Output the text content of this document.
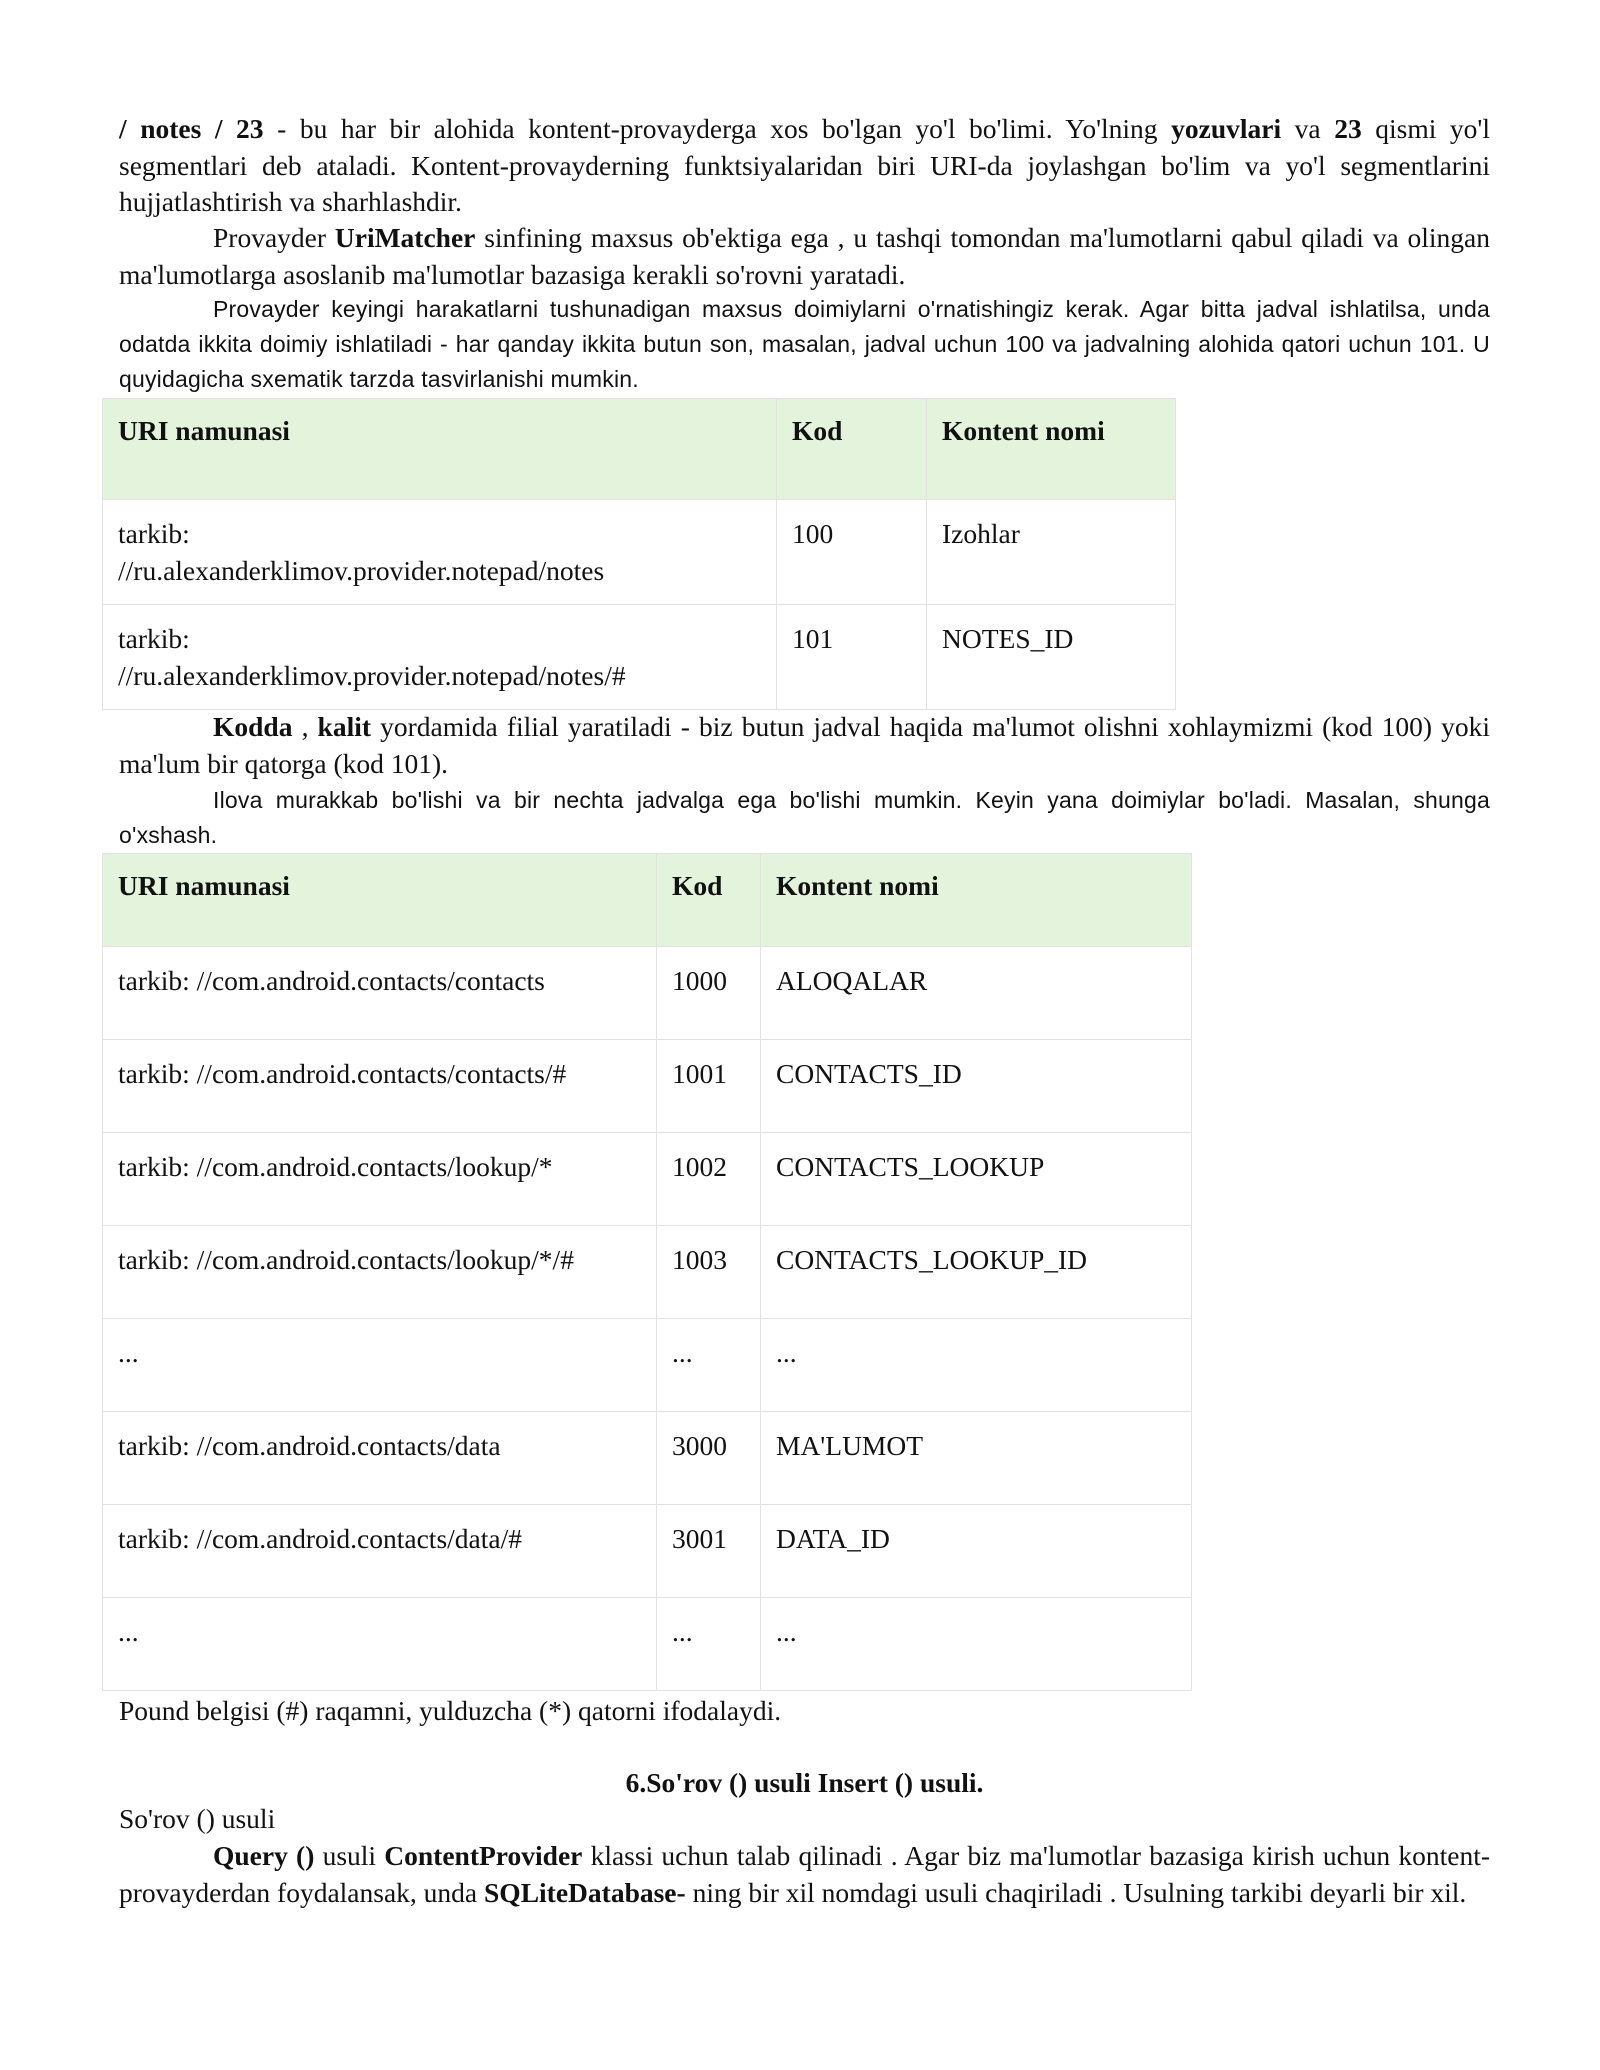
/ notes / 23 - bu har bir alohida kontent-provayderga xos bo'lgan yo'l bo'limi. Yo'lning yozuvlari va 23 qismi yo'l segmentlari deb ataladi. Kontent-provayderning funktsiyalaridan biri URI-da joylashgan bo'lim va yo'l segmentlarini hujjatlashtirish va sharhlashdir.

Provayder UriMatcher sinfining maxsus ob'ektiga ega , u tashqi tomondan ma'lumotlarni qabul qiladi va olingan ma'lumotlarga asoslanib ma'lumotlar bazasiga kerakli so'rovni yaratadi.

Provayder keyingi harakatlarni tushunadigan maxsus doimiylarni o'rnatishingiz kerak. Agar bitta jadval ishlatilsa, unda odatda ikkita doimiy ishlatiladi - har qanday ikkita butun son, masalan, jadval uchun 100 va jadvalning alohida qatori uchun 101. U quyidagicha sxematik tarzda tasvirlanishi mumkin.

URI namunasi	Kod	Kontent nomi
tarkib:
//ru.alexanderklimov.provider.notepad/notes	100	Izohlar
tarkib:
//ru.alexanderklimov.provider.notepad/notes/#	101	NOTES_ID

Kodda , kalit yordamida filial yaratiladi - biz butun jadval haqida ma'lumot olishni xohlaymizmi (kod 100) yoki ma'lum bir qatorga (kod 101).

Ilova murakkab bo'lishi va bir nechta jadvalga ega bo'lishi mumkin. Keyin yana doimiylar bo'ladi. Masalan, shunga o'xshash.

URI namunasi	Kod	Kontent nomi
tarkib: //com.android.contacts/contacts	1000	ALOQALAR
tarkib: //com.android.contacts/contacts/#	1001	CONTACTS_ID
tarkib: //com.android.contacts/lookup/*	1002	CONTACTS_LOOKUP
tarkib: //com.android.contacts/lookup/*/#	1003	CONTACTS_LOOKUP_ID
...	...	...
tarkib: //com.android.contacts/data	3000	MA'LUMOT
tarkib: //com.android.contacts/data/#	3001	DATA_ID
...	...	...

Pound belgisi (#) raqamni, yulduzcha (*) qatorni ifodalaydi.

6.So'rov () usuli Insert () usuli.

So'rov () usuli

Query () usuli ContentProvider klassi uchun talab qilinadi . Agar biz ma'lumotlar bazasiga kirish uchun kontent-provayderdan foydalansak, unda SQLiteDatabase- ning bir xil nomdagi usuli chaqiriladi . Usulning tarkibi deyarli bir xil.
